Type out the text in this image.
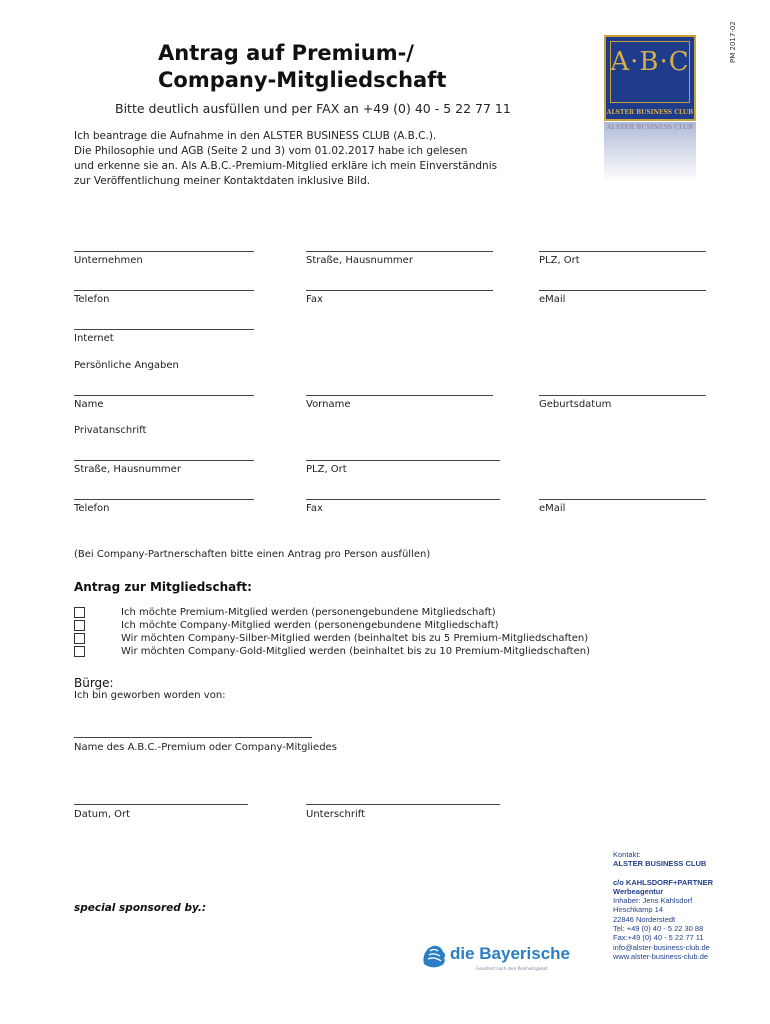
PM 2017-02
Antrag auf Premium-/
Company-Mitgliedschaft
Bitte deutlich ausfüllen und per FAX an +49 (0) 40 - 5 22 77 11
A·B·C
ALSTER BUSINESS CLUB
ALSTER BUSINESS CLUB
Ich beantrage die Aufnahme in den ALSTER BUSINESS CLUB (A.B.C.).
Die Philosophie und AGB (Seite 2 und 3) vom 01.02.2017 habe ich gelesen
und erkenne sie an. Als A.B.C.-Premium-Mitglied erkläre ich mein Einverständnis
zur Veröffentlichung meiner Kontaktdaten inklusive Bild.
Unternehmen	Straße, Hausnummer	PLZ, Ort
Telefon	Fax	eMail
Internet
Persönliche Angaben
Name	Vorname	Geburtsdatum
Privatanschrift
Straße, Hausnummer	PLZ, Ort
Telefon	Fax	eMail
(Bei Company-Partnerschaften bitte einen Antrag pro Person ausfüllen)
Antrag zur Mitgliedschaft:
Ich möchte Premium-Mitglied werden (personengebundene Mitgliedschaft)
Ich möchte Company-Mitglied werden (personengebundene Mitgliedschaft)
Wir möchten Company-Silber-Mitglied werden (beinhaltet bis zu 5 Premium-Mitgliedschaften)
Wir möchten Company-Gold-Mitglied werden (beinhaltet bis zu 10 Premium-Mitgliedschaften)
Bürge:
Ich bin geworben worden von:
Name des A.B.C.-Premium oder Company-Mitgliedes
Datum, Ort	Unterschrift
special sponsored by.:
Kontakt:
ALSTER BUSINESS CLUB
c/o KAHLSDORF+PARTNER
Werbeagentur
Inhaber: Jens Kahlsdorf
Hirschkamp 14
22846 Norderstedt
Tel: +49 (0) 40 - 5 22 30 88
Fax:+49 (0) 40 - 5 22 77 11
info@alster-business-club.de
www.alster-business-club.de
die Bayerische
Gesichert nach dem Reinheitsgebot
